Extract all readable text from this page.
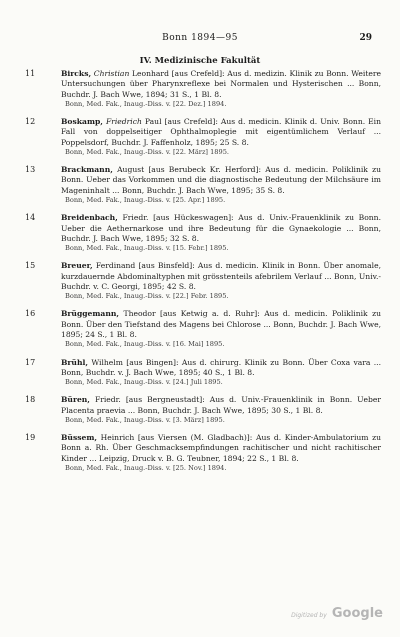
Bonn 1894—95	29
IV. Medizinische Fakultät
11	Bircks, Christian Leonhard [aus Crefeld]: Aus d. medizin. Klinik zu Bonn. Weitere Untersuchungen über Pharynxreflexe bei Normalen und Hysterischen ... Bonn, Buchdr. J. Bach Wwe, 1894; 31 S., 1 Bl. 8.
Bonn, Med. Fak., Inaug.-Diss. v. [22. Dez.] 1894.
12	Boskamp, Friedrich Paul [aus Crefeld]: Aus d. medicin. Klinik d. Univ. Bonn. Ein Fall von doppelseitiger Ophthalmoplegie mit eigentümlichem Verlauf ... Poppelsdorf, Buchdr. J. Faffenholz, 1895; 25 S. 8.
Bonn, Med. Fak., Inaug.-Diss. v. [22. März] 1895.
13	Brackmann, August [aus Berubeck Kr. Herford]: Aus d. medicin. Poliklinik zu Bonn. Ueber das Vorkommen und die diagnostische Bedeutung der Milchsäure im Mageninhalt ... Bonn, Buchdr. J. Bach Wwe, 1895; 35 S. 8.
Bonn, Med. Fak., Inaug.-Diss. v. [25. Apr.] 1895.
14	Breidenbach, Friedr. [aus Hückeswagen]: Aus d. Univ.-Frauenklinik zu Bonn. Ueber die Aethernarkose und ihre Bedeutung für die Gynaekologie ... Bonn, Buchdr. J. Bach Wwe, 1895; 32 S. 8.
Bonn, Med. Fak., Inaug.-Diss. v. [15. Febr.] 1895.
15	Breuer, Ferdinand [aus Binsfeld]: Aus d. medicin. Klinik in Bonn. Über anomale, kurzdauernde Abdominaltyphen mit grösstenteils afebrilem Verlauf ... Bonn, Univ.-Buchdr. v. C. Georgi, 1895; 42 S. 8.
Bonn, Med. Fak., Inaug.-Diss. v. [22.] Febr. 1895.
16	Brüggemann, Theodor [aus Ketwig a. d. Ruhr]: Aus d. medicin. Poliklinik zu Bonn. Über den Tiefstand des Magens bei Chlorose ... Bonn, Buchdr. J. Bach Wwe, 1895; 24 S., 1 Bl. 8.
Bonn, Med. Fak., Inaug.-Diss. v. [16. Mai] 1895.
17	Brühl, Wilhelm [aus Bingen]: Aus d. chirurg. Klinik zu Bonn. Über Coxa vara ... Bonn, Buchdr. v. J. Bach Wwe, 1895; 40 S., 1 Bl. 8.
Bonn, Med. Fak., Inaug.-Diss. v. [24.] Juli 1895.
18	Büren, Friedr. [aus Bergneustadt]: Aus d. Univ.-Frauenklinik in Bonn. Ueber Placenta praevia ... Bonn, Buchdr. J. Bach Wwe, 1895; 30 S., 1 Bl. 8.
Bonn, Med. Fak., Inaug.-Diss. v. [3. März] 1895.
19	Büssem, Heinrich [aus Viersen (M. Gladbach)]: Aus d. Kinder-Ambulatorium zu Bonn a. Rh. Über Geschmacksempfindungen rachitischer und nicht rachitischer Kinder ... Leipzig, Druck v. B. G. Teubner, 1894; 22 S., 1 Bl. 8.
Bonn, Med. Fak., Inaug.-Diss. v. [25. Nov.] 1894.
Digitized by Google
